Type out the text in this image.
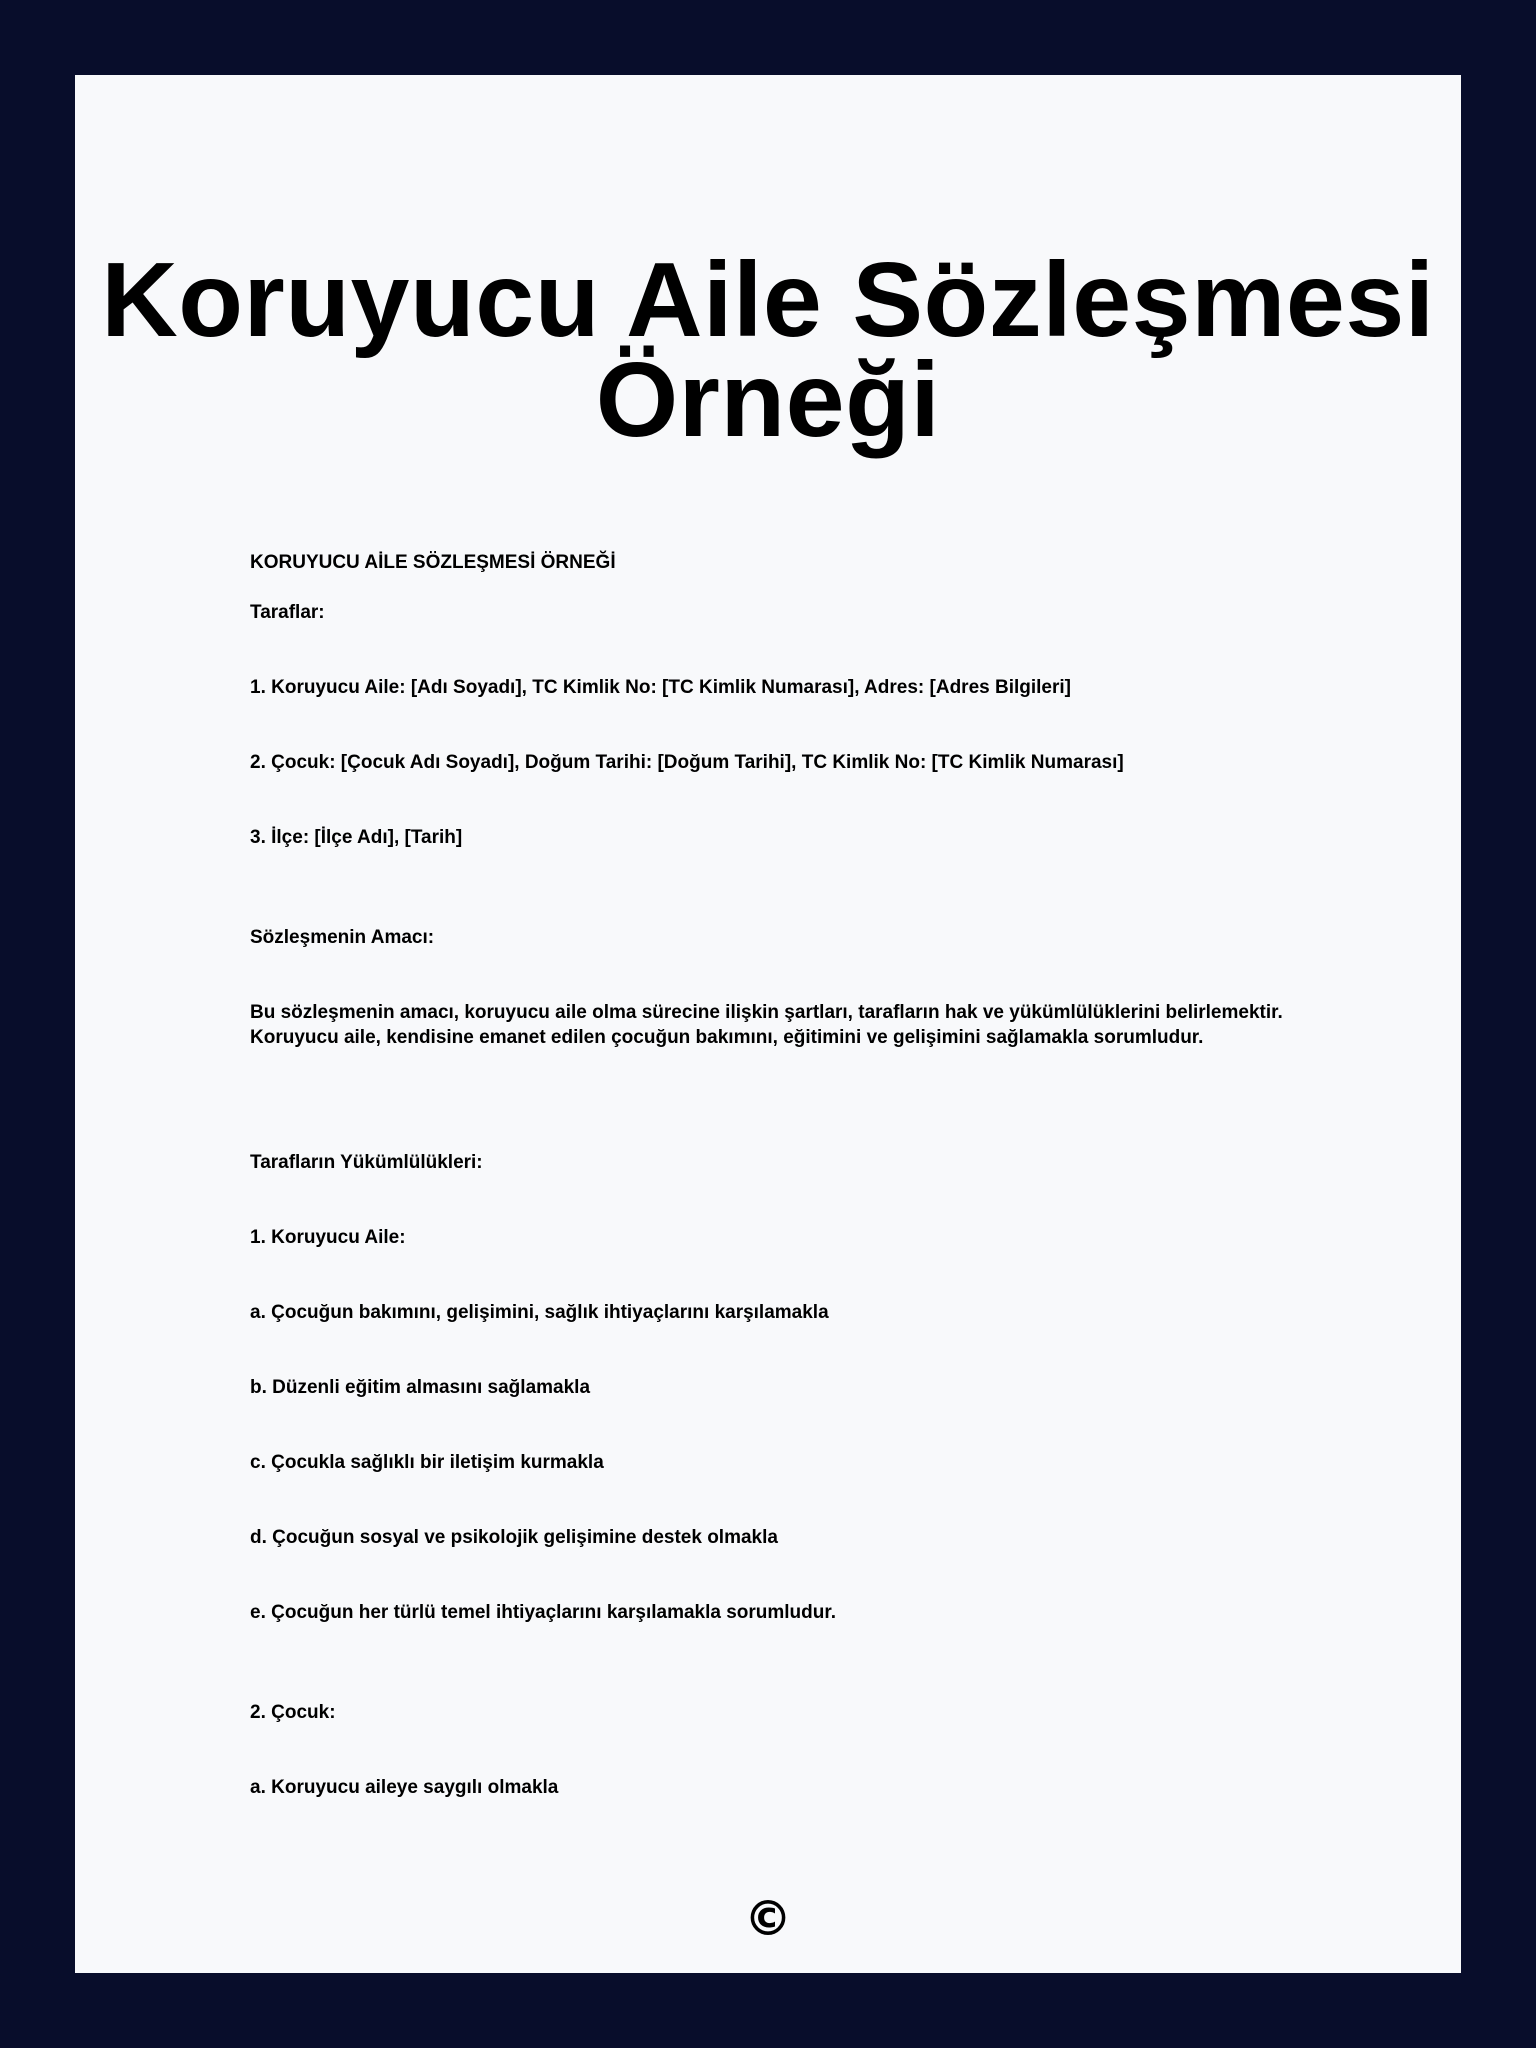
Koruyucu Aile Sözleşmesi Örneği

KORUYUCU AİLE SÖZLEŞMESİ ÖRNEĞİ

Taraflar:

1. Koruyucu Aile: [Adı Soyadı], TC Kimlik No: [TC Kimlik Numarası], Adres: [Adres Bilgileri]

2. Çocuk: [Çocuk Adı Soyadı], Doğum Tarihi: [Doğum Tarihi], TC Kimlik No: [TC Kimlik Numarası]

3. İlçe: [İlçe Adı], [Tarih]

Sözleşmenin Amacı:

Bu sözleşmenin amacı, koruyucu aile olma sürecine ilişkin şartları, tarafların hak ve yükümlülüklerini belirlemektir. Koruyucu aile, kendisine emanet edilen çocuğun bakımını, eğitimini ve gelişimini sağlamakla sorumludur.

Tarafların Yükümlülükleri:

1. Koruyucu Aile:

a. Çocuğun bakımını, gelişimini, sağlık ihtiyaçlarını karşılamakla

b. Düzenli eğitim almasını sağlamakla

c. Çocukla sağlıklı bir iletişim kurmakla

d. Çocuğun sosyal ve psikolojik gelişimine destek olmakla

e. Çocuğun her türlü temel ihtiyaçlarını karşılamakla sorumludur.

2. Çocuk:

a. Koruyucu aileye saygılı olmakla

©
